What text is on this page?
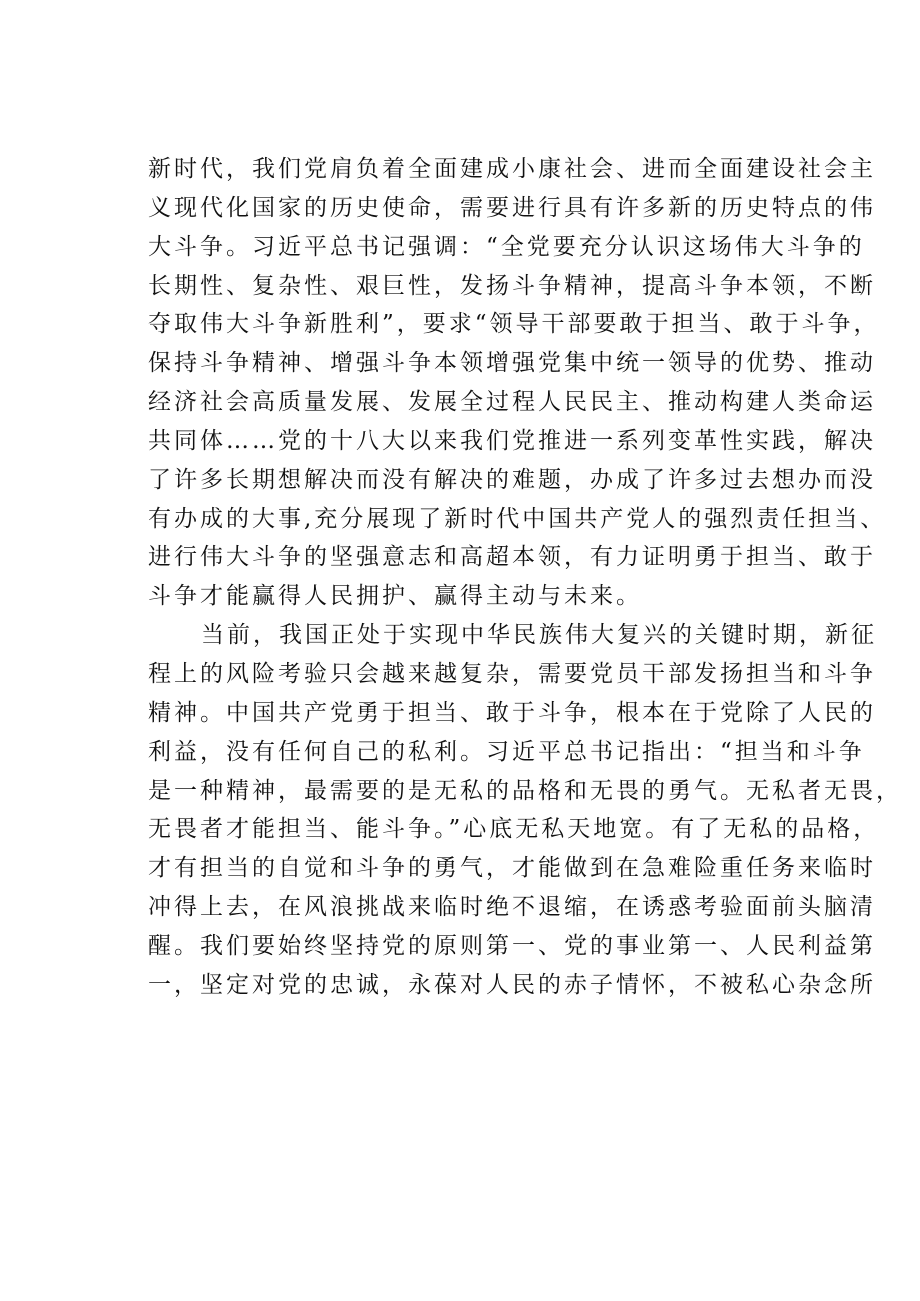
新时代，我们党肩负着全面建成小康社会、进而全面建设社会主
义现代化国家的历史使命，需要进行具有许多新的历史特点的伟
大斗争。习近平总书记强调：“全党要充分认识这场伟大斗争的
长期性、复杂性、艰巨性，发扬斗争精神，提高斗争本领，不断
夺取伟大斗争新胜利”，要求“领导干部要敢于担当、敢于斗争，
保持斗争精神、增强斗争本领增强党集中统一领导的优势、推动
经济社会高质量发展、发展全过程人民民主、推动构建人类命运
共同体……党的十八大以来我们党推进一系列变革性实践，解决
了许多长期想解决而没有解决的难题，办成了许多过去想办而没
有办成的大事,充分展现了新时代中国共产党人的强烈责任担当、
进行伟大斗争的坚强意志和高超本领，有力证明勇于担当、敢于
斗争才能赢得人民拥护、赢得主动与未来。
当前，我国正处于实现中华民族伟大复兴的关键时期，新征
程上的风险考验只会越来越复杂，需要党员干部发扬担当和斗争
精神。中国共产党勇于担当、敢于斗争，根本在于党除了人民的
利益，没有任何自己的私利。习近平总书记指出：“担当和斗争
是一种精神，最需要的是无私的品格和无畏的勇气。无私者无畏，
无畏者才能担当、能斗争。”心底无私天地宽。有了无私的品格，
才有担当的自觉和斗争的勇气，才能做到在急难险重任务来临时
冲得上去，在风浪挑战来临时绝不退缩，在诱惑考验面前头脑清
醒。我们要始终坚持党的原则第一、党的事业第一、人民利益第
一，坚定对党的忠诚，永葆对人民的赤子情怀，不被私心杂念所
